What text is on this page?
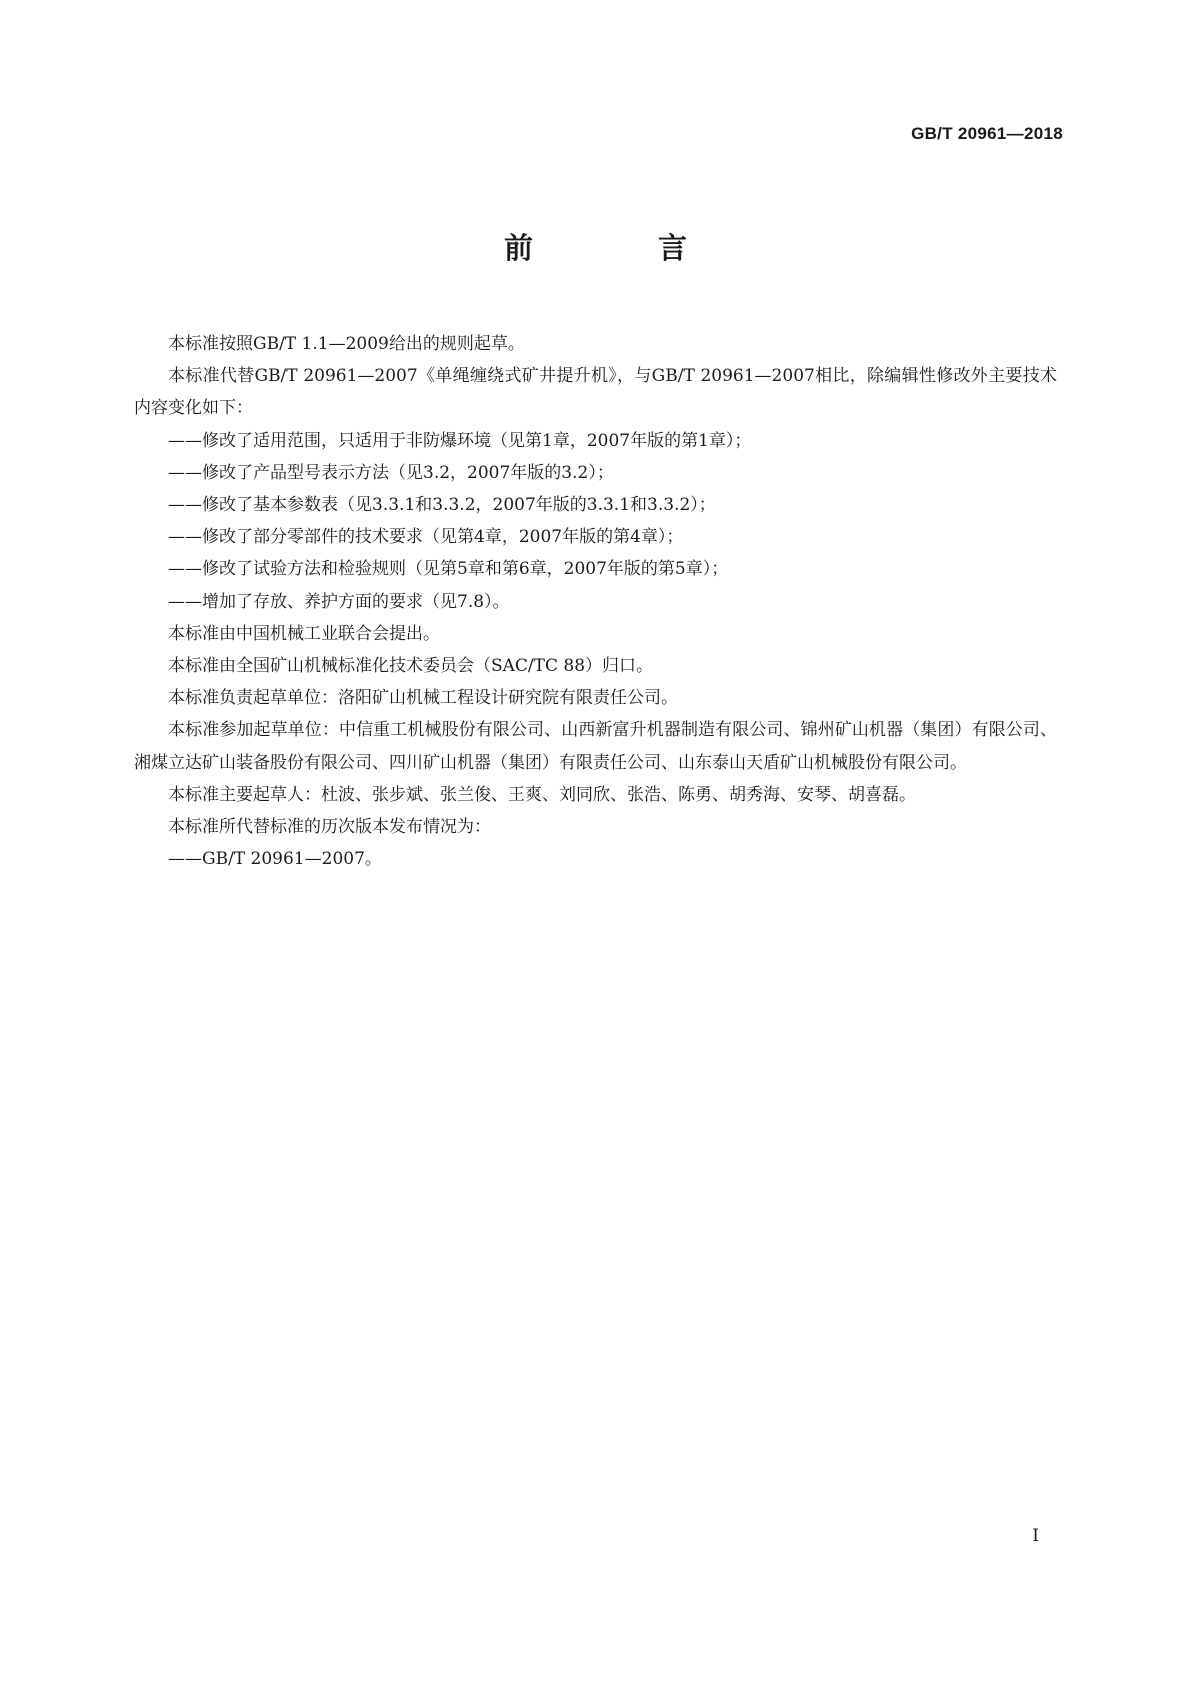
GB/T 20961—2018
前　言

本标准按照GB/T 1.1—2009给出的规则起草。

本标准代替GB/T 20961—2007《单绳缠绕式矿井提升机》，与GB/T 20961—2007相比，除编辑性修改外主要技术内容变化如下：

——修改了适用范围，只适用于非防爆环境（见第1章，2007年版的第1章）；

——修改了产品型号表示方法（见3.2，2007年版的3.2）；

——修改了基本参数表（见3.3.1和3.3.2，2007年版的3.3.1和3.3.2）；

——修改了部分零部件的技术要求（见第4章，2007年版的第4章）；

——修改了试验方法和检验规则（见第5章和第6章，2007年版的第5章）；

——增加了存放、养护方面的要求（见7.8）。

本标准由中国机械工业联合会提出。

本标准由全国矿山机械标准化技术委员会（SAC/TC 88）归口。

本标准负责起草单位：洛阳矿山机械工程设计研究院有限责任公司。

本标准参加起草单位：中信重工机械股份有限公司、山西新富升机器制造有限公司、锦州矿山机器（集团）有限公司、湘煤立达矿山装备股份有限公司、四川矿山机器（集团）有限责任公司、山东泰山天盾矿山机械股份有限公司。

本标准主要起草人：杜波、张步斌、张兰俊、王爽、刘同欣、张浩、陈勇、胡秀海、安琴、胡喜磊。

本标准所代替标准的历次版本发布情况为：

——GB/T 20961—2007。

I
